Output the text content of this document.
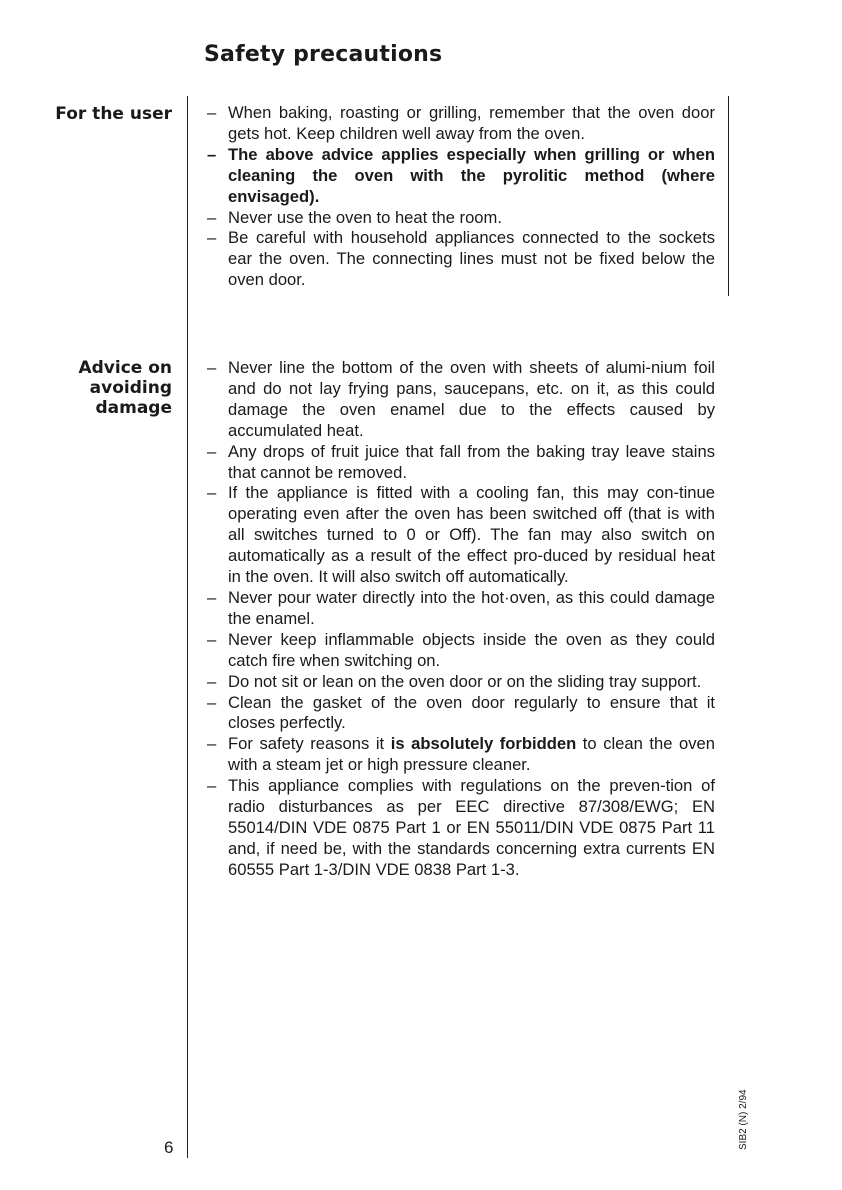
Safety precautions
For the user
–	When baking, roasting or grilling, remember that the oven door gets hot. Keep children well away from the oven.
– The above advice applies especially when grilling or when cleaning the oven with the pyrolitic method (where envisaged).
– Never use the oven to heat the room.
– Be careful with household appliances connected to the sockets ear the oven. The connecting lines must not be fixed below the oven door.
Advice on
avoiding
damage
– Never line the bottom of the oven with sheets of alumi-nium foil and do not lay frying pans, saucepans, etc. on it, as this could damage the oven enamel due to the effects caused by accumulated heat.
– Any drops of fruit juice that fall from the baking tray leave stains that cannot be removed.
– If the appliance is fitted with a cooling fan, this may con-tinue operating even after the oven has been switched off (that is with all switches turned to 0 or Off). The fan may also switch on automatically as a result of the effect pro-duced by residual heat in the oven. It will also switch off automatically.
– Never pour water directly into the hot·oven, as this could damage the enamel.
– Never keep inflammable objects inside the oven as they could catch fire when switching on.
– Do not sit or lean on the oven door or on the sliding tray support.
– Clean the gasket of the oven door regularly to ensure that it closes perfectly.
– For safety reasons it is absolutely forbidden to clean the oven with a steam jet or high pressure cleaner.
– This appliance complies with regulations on the preven-tion of radio disturbances as per EEC directive 87/308/EWG; EN 55014/DIN VDE 0875 Part 1 or EN 55011/DIN VDE 0875 Part 11 and, if need be, with the standards concerning extra currents EN 60555 Part 1-3/DIN VDE 0838 Part 1-3.

6	SIB2 (N) 2/94
